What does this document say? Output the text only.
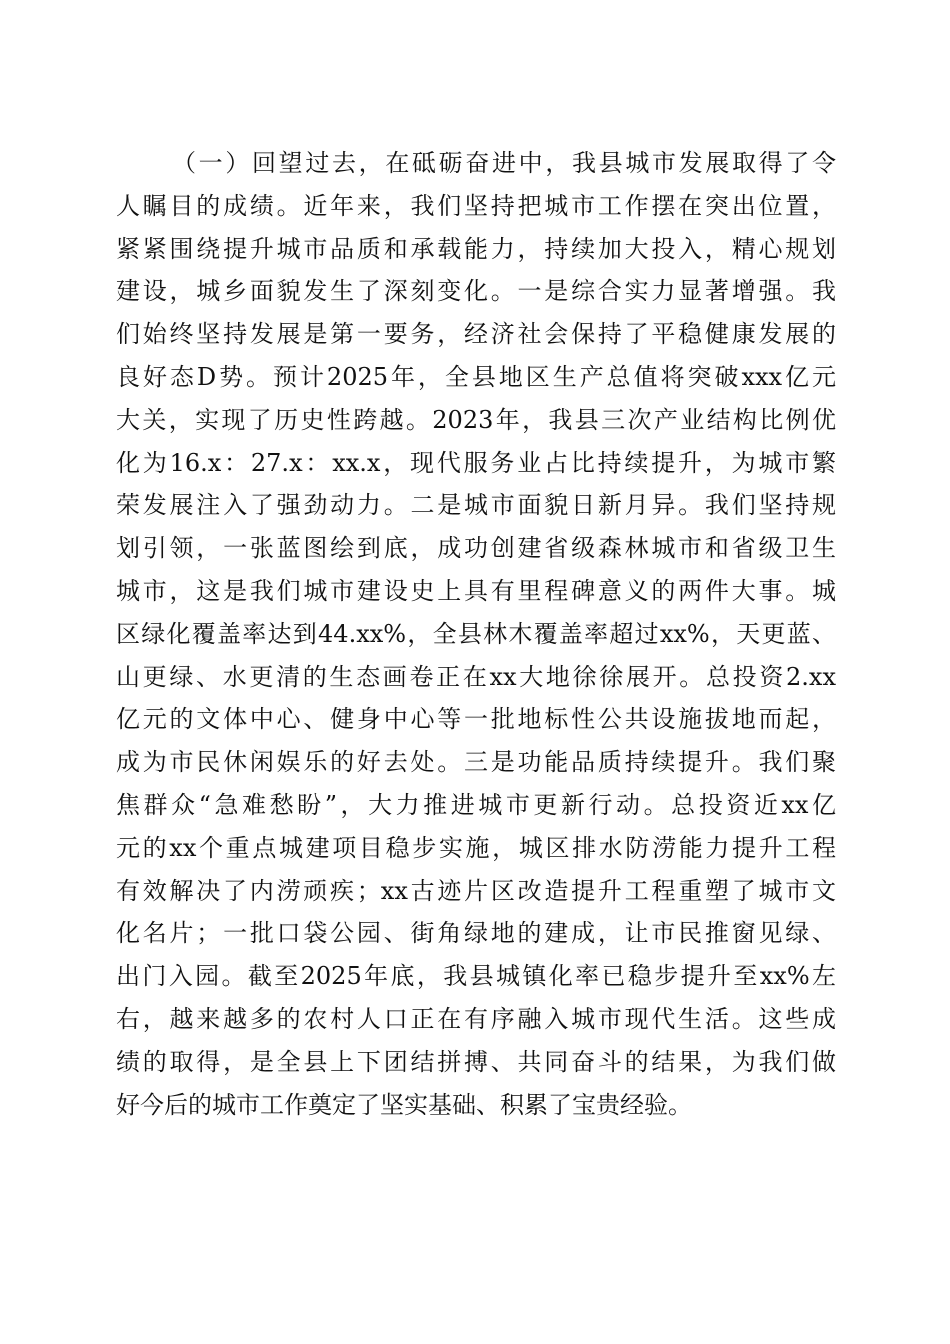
（一）回望过去，在砥砺奋进中，我县城市发展取得了令
人瞩目的成绩。近年来，我们坚持把城市工作摆在突出位置，
紧紧围绕提升城市品质和承载能力，持续加大投入，精心规划
建设，城乡面貌发生了深刻变化。一是综合实力显著增强。我
们始终坚持发展是第一要务，经济社会保持了平稳健康发展的
良好态D势。预计2025年，全县地区生产总值将突破xxx亿元
大关，实现了历史性跨越。2023年，我县三次产业结构比例优
化为16.x：27.x：xx.x，现代服务业占比持续提升，为城市繁
荣发展注入了强劲动力。二是城市面貌日新月异。我们坚持规
划引领，一张蓝图绘到底，成功创建省级森林城市和省级卫生
城市，这是我们城市建设史上具有里程碑意义的两件大事。城
区绿化覆盖率达到44.xx%，全县林木覆盖率超过xx%，天更蓝、
山更绿、水更清的生态画卷正在xx大地徐徐展开。总投资2.xx
亿元的文体中心、健身中心等一批地标性公共设施拔地而起，
成为市民休闲娱乐的好去处。三是功能品质持续提升。我们聚
焦群众“急难愁盼”，大力推进城市更新行动。总投资近xx亿
元的xx个重点城建项目稳步实施，城区排水防涝能力提升工程
有效解决了内涝顽疾；xx古迹片区改造提升工程重塑了城市文
化名片；一批口袋公园、街角绿地的建成，让市民推窗见绿、
出门入园。截至2025年底，我县城镇化率已稳步提升至xx%左
右，越来越多的农村人口正在有序融入城市现代生活。这些成
绩的取得，是全县上下团结拼搏、共同奋斗的结果，为我们做
好今后的城市工作奠定了坚实基础、积累了宝贵经验。
